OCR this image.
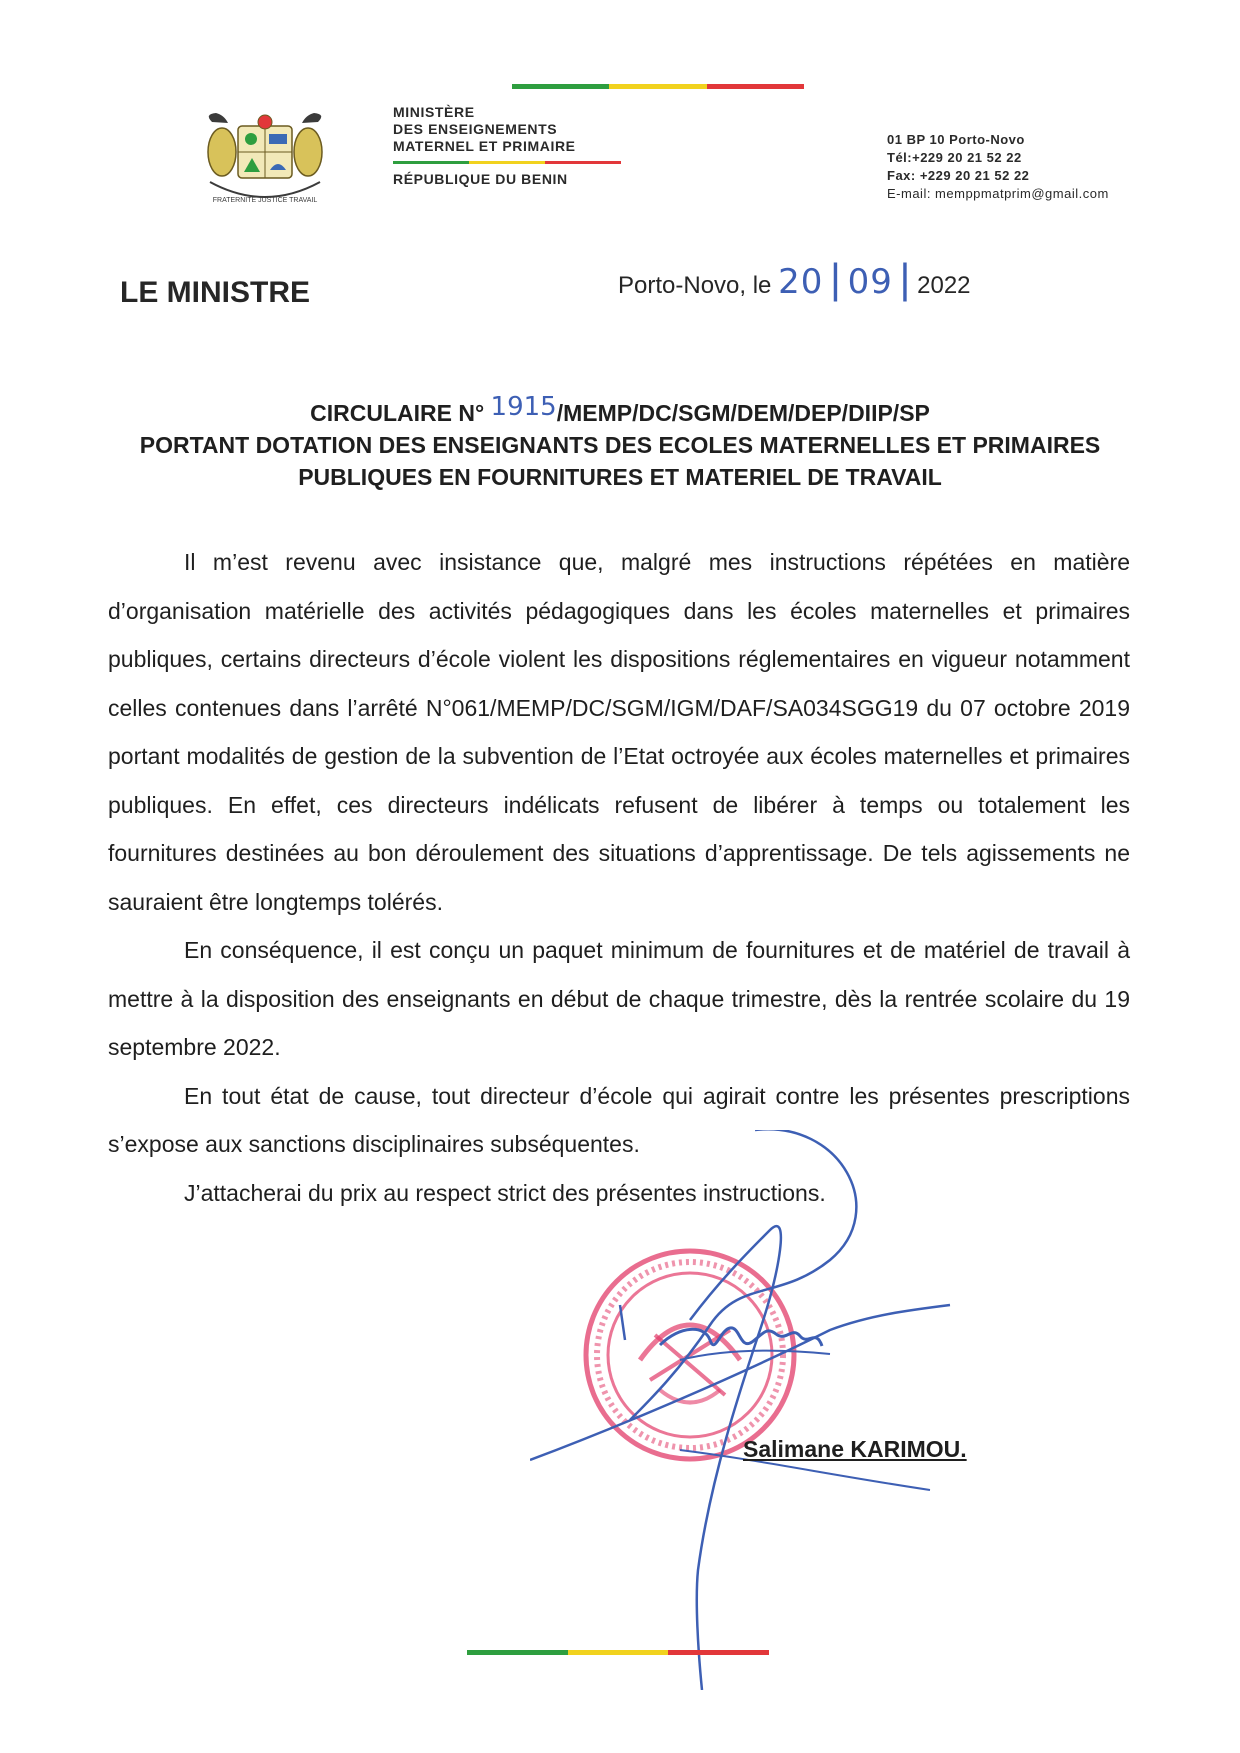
FRATERNITE JUSTICE TRAVAIL
MINISTÈRE
DES ENSEIGNEMENTS
MATERNEL ET PRIMAIRE
RÉPUBLIQUE DU BENIN
01 BP 10 Porto-Novo
Tél:+229 20 21 52 22
Fax: +229 20 21 52 22
E-mail: memppmatprim@gmail.com
LE MINISTRE	Porto-Novo, le 20 | 09 | 2022
CIRCULAIRE N° 1915/MEMP/DC/SGM/DEM/DEP/DIIP/SP
PORTANT DOTATION DES ENSEIGNANTS DES ECOLES MATERNELLES ET PRIMAIRES
PUBLIQUES EN FOURNITURES ET MATERIEL DE TRAVAIL

Il m’est revenu avec insistance que, malgré mes instructions répétées en matière d’organisation matérielle des activités pédagogiques dans les écoles maternelles et primaires publiques, certains directeurs d’école violent les dispositions réglementaires en vigueur notamment celles contenues dans l’arrêté N°061/MEMP/DC/SGM/IGM/DAF/SA034SGG19 du 07 octobre 2019 portant modalités de gestion de la subvention de l’Etat octroyée aux écoles maternelles et primaires publiques. En effet, ces directeurs indélicats refusent de libérer à temps ou totalement les fournitures destinées au bon déroulement des situations d’apprentissage. De tels agissements ne sauraient être longtemps tolérés.

En conséquence, il est conçu un paquet minimum de fournitures et de matériel de travail à mettre à la disposition des enseignants en début de chaque trimestre, dès la rentrée scolaire du 19 septembre 2022.

En tout état de cause, tout directeur d’école qui agirait contre les présentes prescriptions s’expose aux sanctions disciplinaires subséquentes.

J’attacherai du prix au respect strict des présentes instructions.

Salimane KARIMOU.
